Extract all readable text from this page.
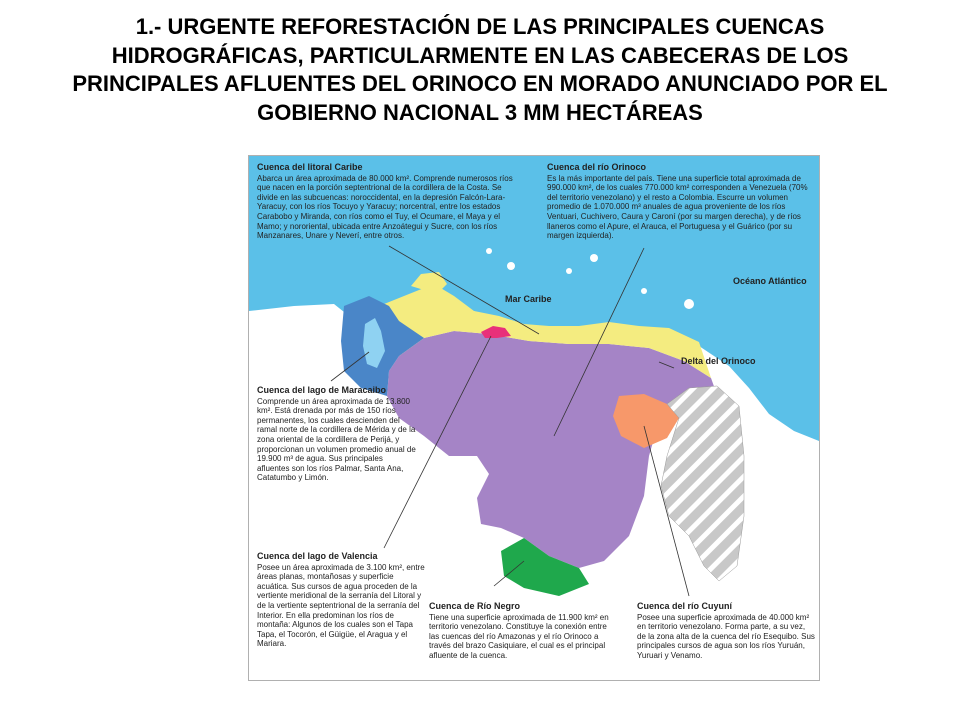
1.- URGENTE REFORESTACIÓN DE LAS PRINCIPALES CUENCAS HIDROGRÁFICAS, PARTICULARMENTE EN LAS CABECERAS DE LOS PRINCIPALES AFLUENTES DEL ORINOCO EN MORADO ANUNCIADO POR EL GOBIERNO NACIONAL 3 MM HECTÁREAS
Cuenca del litoral Caribe
Abarca un área aproximada de 80.000 km². Comprende numerosos ríos que nacen en la porción septentrional de la cordillera de la Costa. Se divide en las subcuencas: noroccidental, en la depresión Falcón-Lara-Yaracuy, con los ríos Tocuyo y Yaracuy; norcentral, entre los estados Carabobo y Miranda, con ríos como el Tuy, el Ocumare, el Maya y el Mamo; y nororiental, ubicada entre Anzoátegui y Sucre, con los ríos Manzanares, Unare y Neverí, entre otros.
Cuenca del río Orinoco
Es la más importante del país. Tiene una superficie total aproximada de 990.000 km², de los cuales 770.000 km² corresponden a Venezuela (70% del territorio venezolano) y el resto a Colombia. Escurre un volumen promedio de 1.070.000 m³ anuales de agua proveniente de los ríos Ventuari, Cuchivero, Caura y Caroní (por su margen derecha), y de ríos llaneros como el Apure, el Arauca, el Portuguesa y el Guárico (por su margen izquierda).
Mar Caribe
Océano Atlántico
Delta del Orinoco
Cuenca del lago de Maracaibo
Comprende un área aproximada de 13.800 km². Está drenada por más de 150 ríos permanentes, los cuales descienden del ramal norte de la cordillera de Mérida y de la zona oriental de la cordillera de Perijá, y proporcionan un volumen promedio anual de 19.900 m³ de agua. Sus principales afluentes son los ríos Palmar, Santa Ana, Catatumbo y Limón.
Cuenca del lago de Valencia
Posee un área aproximada de 3.100 km², entre áreas planas, montañosas y superficie acuática. Sus cursos de agua proceden de la vertiente meridional de la serranía del Litoral y de la vertiente septentrional de la serranía del Interior. En ella predominan los ríos de montaña: Algunos de los cuales son el Tapa Tapa, el Tocorón, el Güigüe, el Aragua y el Mariara.
Cuenca de Río Negro
Tiene una superficie aproximada de 11.900 km² en territorio venezolano. Constituye la conexión entre las cuencas del río Amazonas y el río Orinoco a través del brazo Casiquiare, el cual es el principal afluente de la cuenca.
Cuenca del río Cuyuní
Posee una superficie aproximada de 40.000 km² en territorio venezolano. Forma parte, a su vez, de la zona alta de la cuenca del río Esequibo. Sus principales cursos de agua son los ríos Yuruán, Yuruari y Venamo.
